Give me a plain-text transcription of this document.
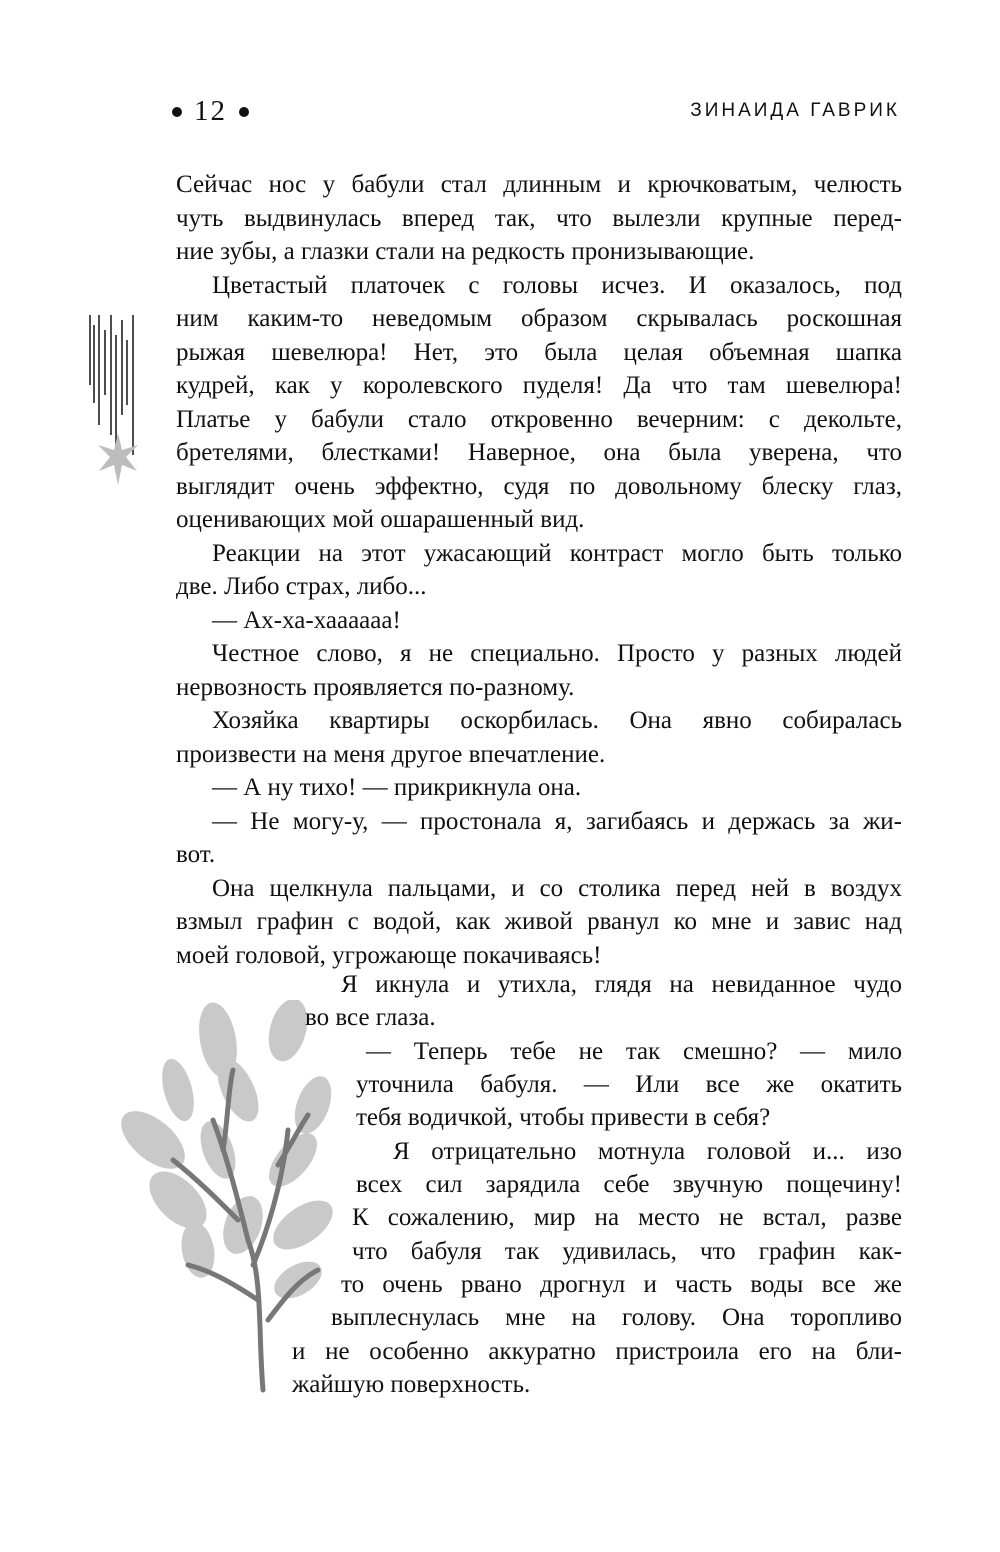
12	ЗИНАИДА ГАВРИК

Сейчас нос у бабули стал длинным и крючковатым, челюсть
чуть выдвинулась вперед так, что вылезли крупные перед-
ние зубы, а глазки стали на редкость пронизывающие.

Цветастый платочек с головы исчез. И оказалось, под
ним каким-то неведомым образом скрывалась роскошная
рыжая шевелюра! Нет, это была целая объемная шапка
кудрей, как у королевского пуделя! Да что там шевелюра!
Платье у бабули стало откровенно вечерним: с декольте,
брeтелями, блестками! Наверное, она была уверена, что
выглядит очень эффектно, судя по довольному блеску глаз,
оценивающих мой ошарашенный вид.

Реакции на этот ужасающий контраст могло быть только
две. Либо страх, либо...

— Ах-ха-хаааааа!

Честное слово, я не специально. Просто у разных людей
нервозность проявляется по-разному.

Хозяйка квартиры оскорбилась. Она явно собиралась
произвести на меня другое впечатление.

— А ну тихо! — прикрикнула она.

— Не могу-у, — простонала я, загибаясь и держась за жи-
вот.

Она щелкнула пальцами, и со столика перед ней в воздух
взмыл графин с водой, как живой рванул ко мне и завис над
моей головой, угрожающе покачиваясь!

Я икнула и утихла, глядя на невиданное чудо
во все глаза.
— Теперь тебе не так смешно? — мило
уточнила бабуля. — Или все же окатить
тебя водичкой, чтобы привести в себя?
Я отрицательно мотнула головой и... изо
всех сил зарядила себе звучную пощечину!
К сожалению, мир на место не встал, разве
что бабуля так удивилась, что графин как-
то очень рвано дрогнул и часть воды все же
выплеснулась мне на голову. Она торопливо
и не особенно аккуратно пристроила его на бли-
жайшую поверхность.
